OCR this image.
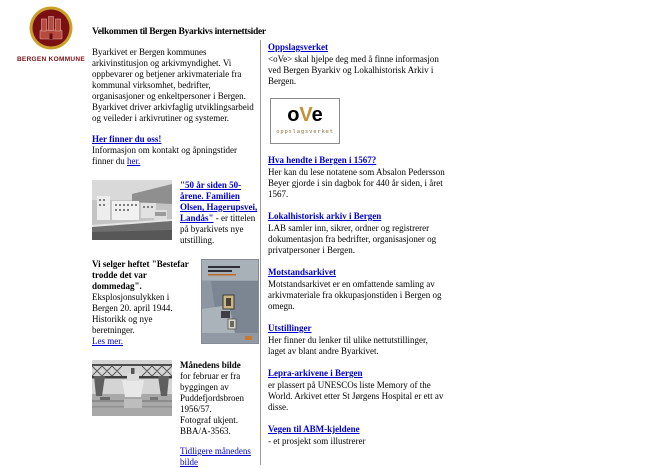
BERGEN KOMMUNE
Velkommen til Bergen Byarkivs internettsider
Byarkivet er Bergen kommunes arkivinstitusjon og arkivmyndighet. Vi oppbevarer og betjener arkivmateriale fra kommunal virksomhet, bedrifter, organisasjoner og enkeltpersoner i Bergen. Byarkivet driver arkivfaglig utviklingsarbeid og veileder i arkivrutiner og systemer.
Her finner du oss!
Informasjon om kontakt og åpningstider finner du her.
"50 år siden 50-årene. Familien Olsen, Hagerupsvei, Landås" - er tittelen på byarkivets nye utstilling.
Vi selger heftet "Bestefar trodde det var dommedag".
Eksplosjonsulykken i Bergen 20. april 1944. Historikk og nye beretninger.
Les mer.
Månedens bilde
for februar er fra byggingen av Puddefjordsbroen 1956/57.
Fotograf ukjent.
BBA/A-3563.
Tidligere månedens bilde
Oppslagsverket
<oVe> skal hjelpe deg med å finne informasjon ved Bergen Byarkiv og Lokalhistorisk Arkiv i Bergen.
oVe
oppslagsverket
Hva hendte i Bergen i 1567?
Her kan du lese notatene som Absalon Pedersson Beyer gjorde i sin dagbok for 440 år siden, i året 1567.
Lokalhistorisk arkiv i Bergen
LAB samler inn, sikrer, ordner og registrerer dokumentasjon fra bedrifter, organisasjoner og privatpersoner i Bergen.
Motstandsarkivet
Motstandsarkivet er en omfattende samling av arkivmateriale fra okkupasjonstiden i Bergen og omegn.
Utstillinger
Her finner du lenker til ulike nettutstillinger, laget av blant andre Byarkivet.
Lepra-arkivene i Bergen
er plassert på UNESCOs liste Memory of the World. Arkivet etter St Jørgens Hospital er ett av disse.
Vegen til ABM-kjeldene
- et prosjekt som illustrerer
